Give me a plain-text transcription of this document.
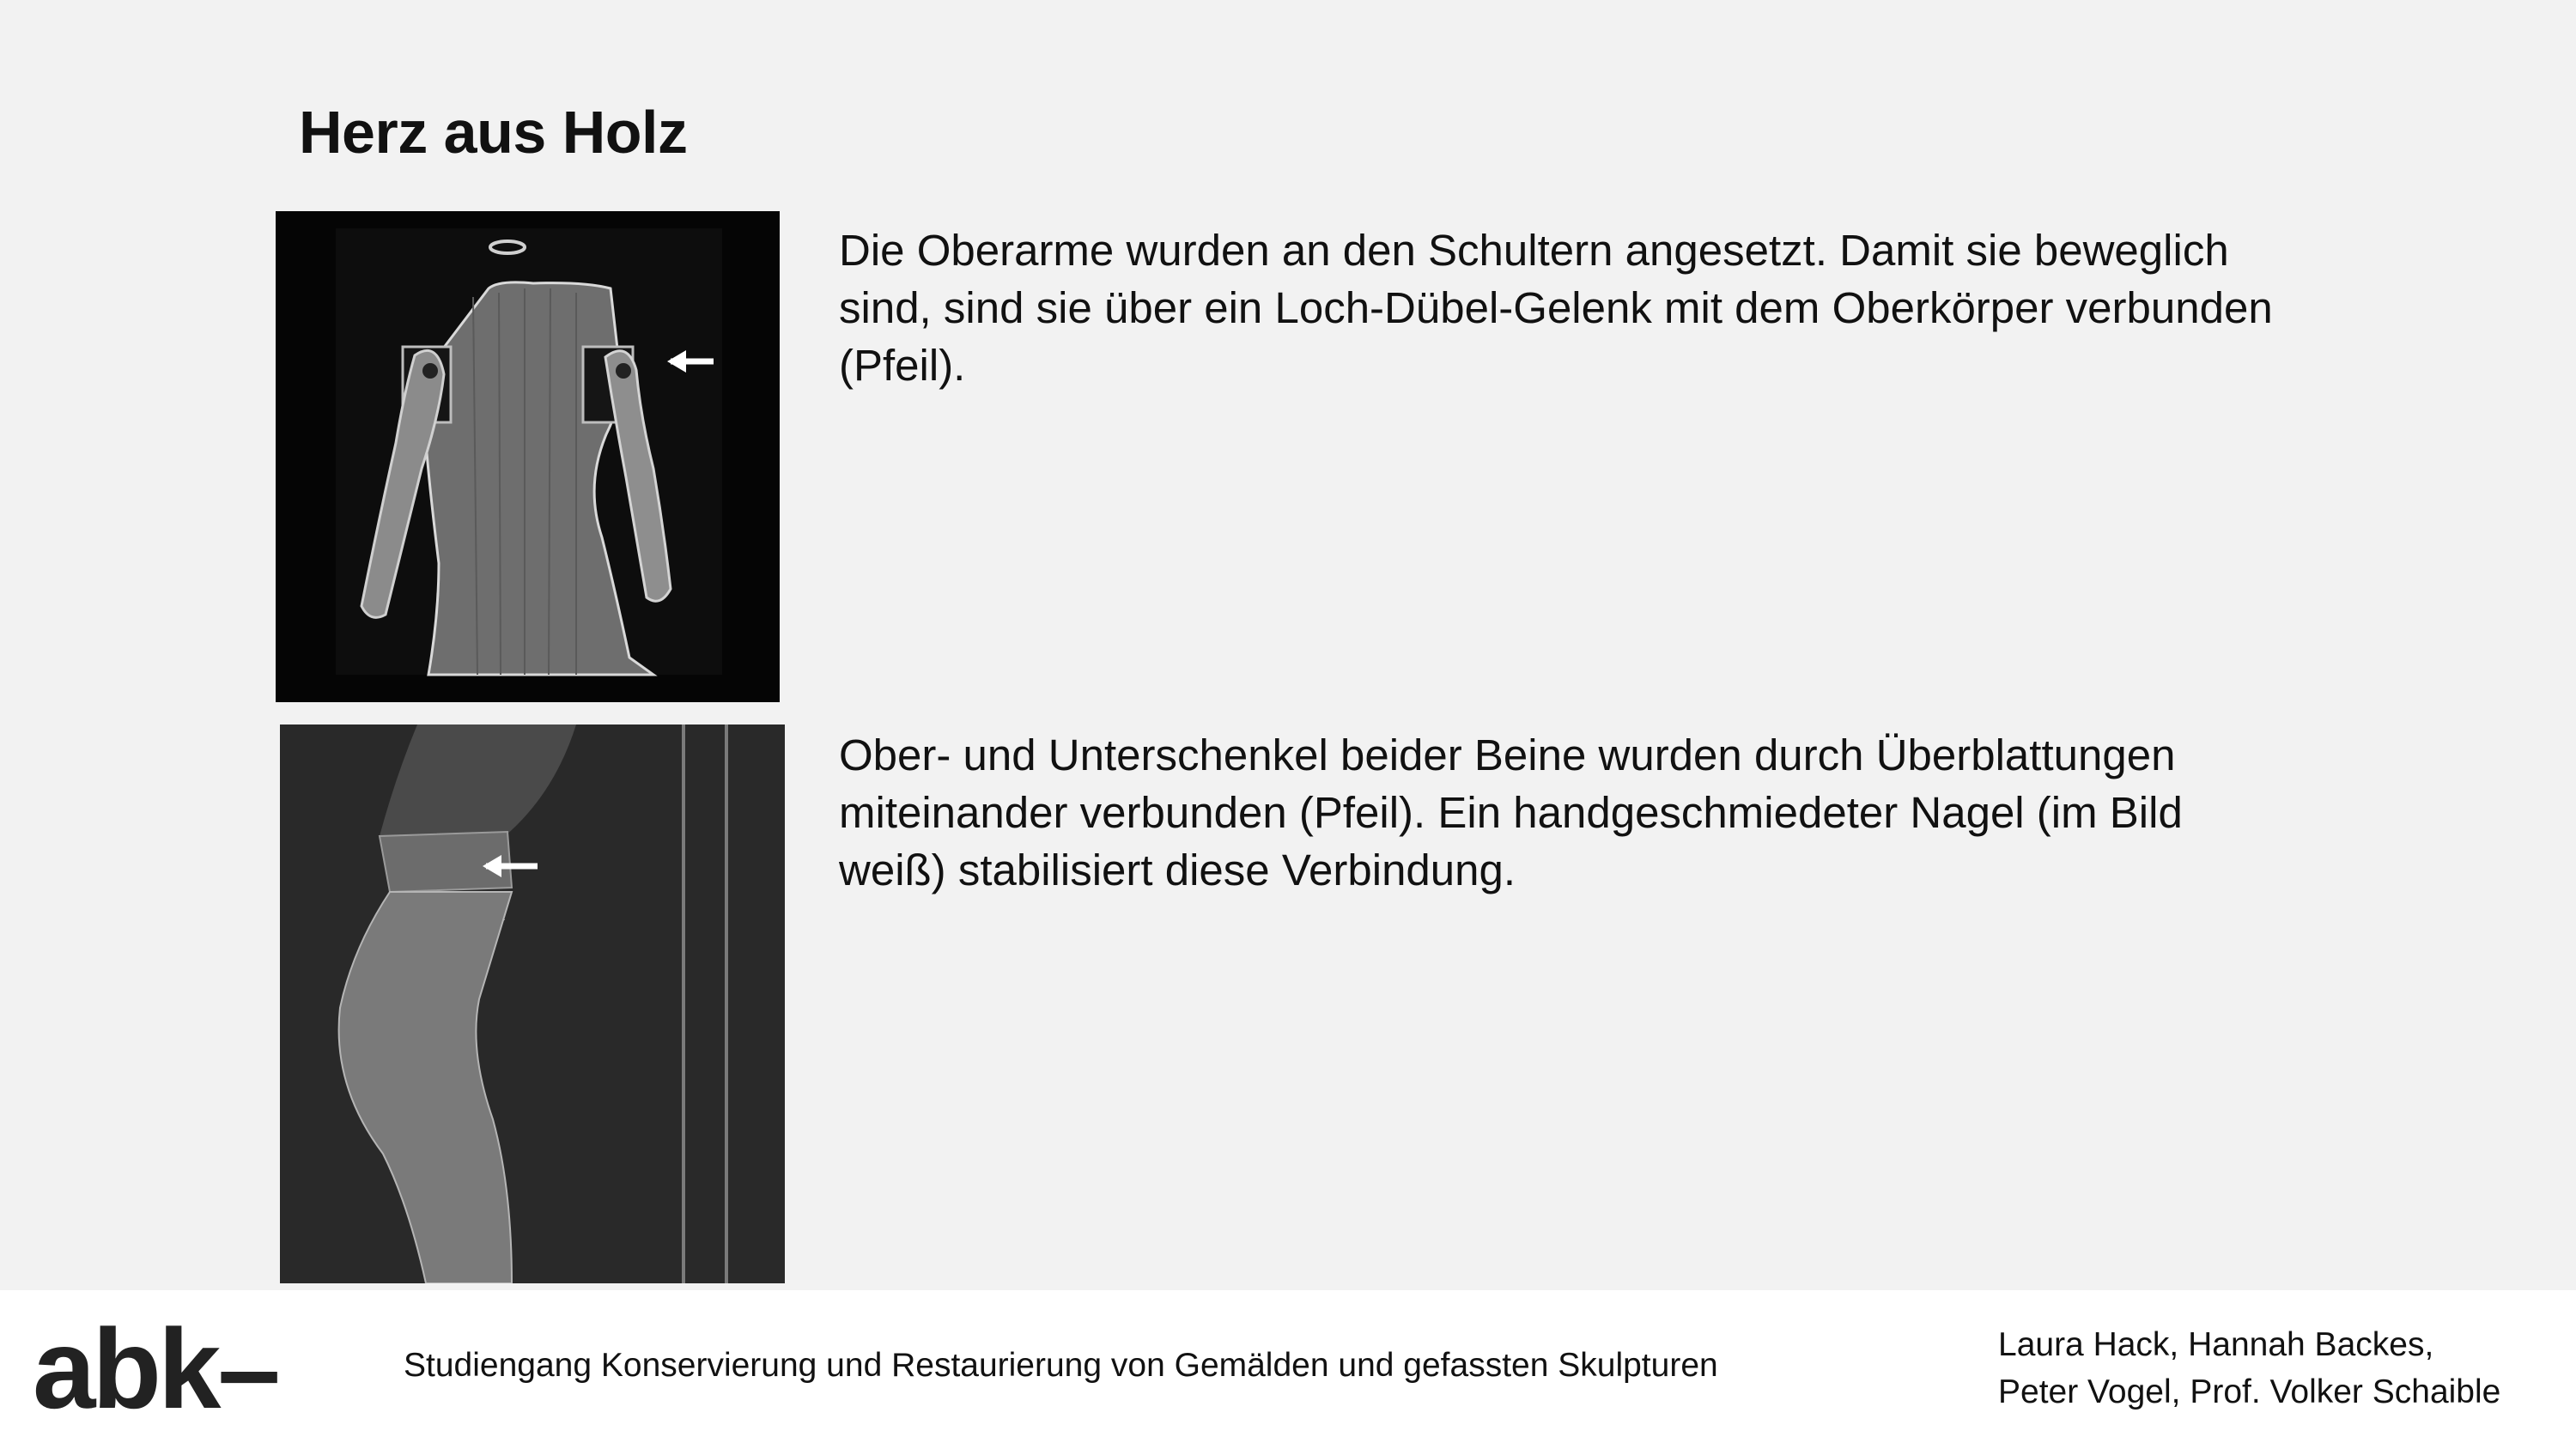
Herz aus Holz

Die Oberarme wurden an den Schultern angesetzt. Damit sie beweglich sind, sind sie über ein Loch-Dübel-Gelenk mit dem Oberkörper verbunden (Pfeil).

Ober- und Unterschenkel beider Beine wurden durch Überblattungen miteinander verbunden (Pfeil). Ein handgeschmiedeter Nagel (im Bild weiß) stabilisiert diese Verbindung.

abk–	Studiengang Konservierung und Restaurierung von Gemälden und gefassten Skulpturen
Laura Hack, Hannah Backes,
Peter Vogel, Prof. Volker Schaible
